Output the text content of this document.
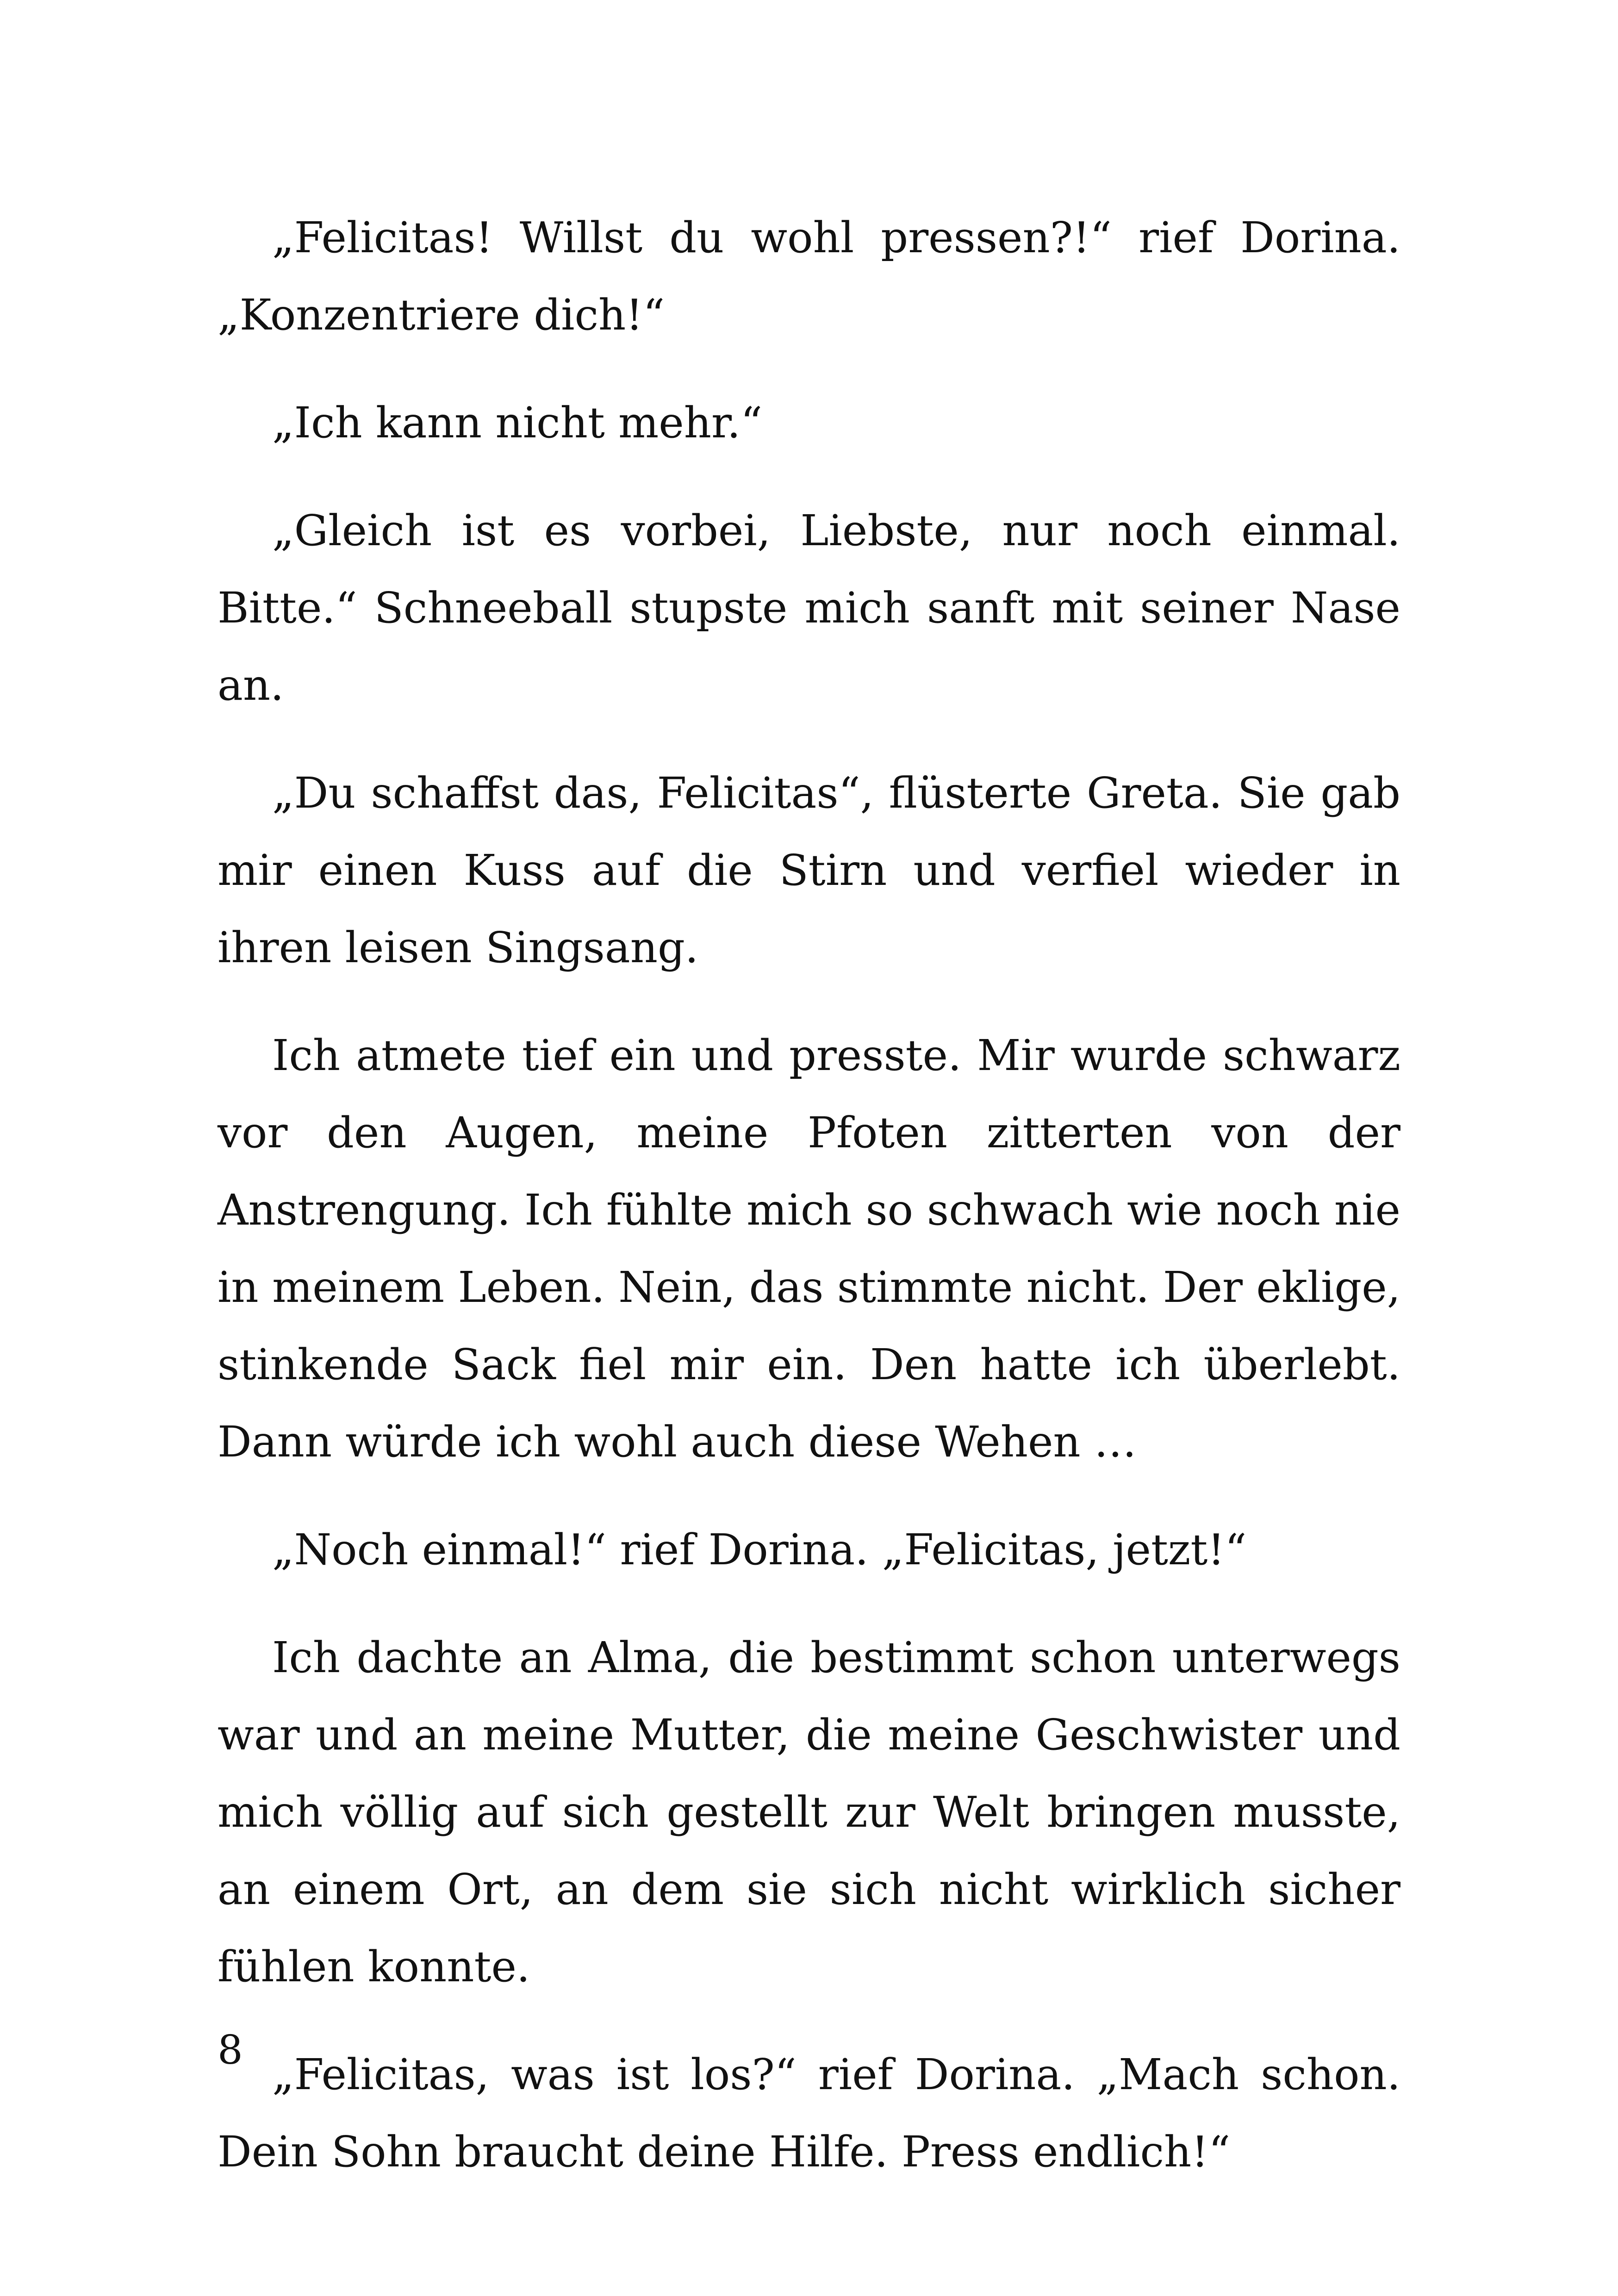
„Felicitas! Willst du wohl pressen?!“ rief Dorina. „Konzentriere dich!“

„Ich kann nicht mehr.“

„Gleich ist es vorbei, Liebste, nur noch einmal. Bitte.“ Schneeball stupste mich sanft mit seiner Nase an.

„Du schaffst das, Felicitas“, flüsterte Greta. Sie gab mir einen Kuss auf die Stirn und verfiel wieder in ihren leisen Singsang.

Ich atmete tief ein und presste. Mir wurde schwarz vor den Augen, meine Pfoten zitterten von der Anstrengung. Ich fühlte mich so schwach wie noch nie in meinem Leben. Nein, das stimmte nicht. Der eklige, stinkende Sack fiel mir ein. Den hatte ich überlebt. Dann würde ich wohl auch diese Wehen …

„Noch einmal!“ rief Dorina. „Felicitas, jetzt!“

Ich dachte an Alma, die bestimmt schon unterwegs war und an meine Mutter, die meine Geschwister und mich völlig auf sich gestellt zur Welt bringen musste, an einem Ort, an dem sie sich nicht wirklich sicher fühlen konnte.

„Felicitas, was ist los?“ rief Dorina. „Mach schon. Dein Sohn braucht deine Hilfe. Press endlich!“

8
